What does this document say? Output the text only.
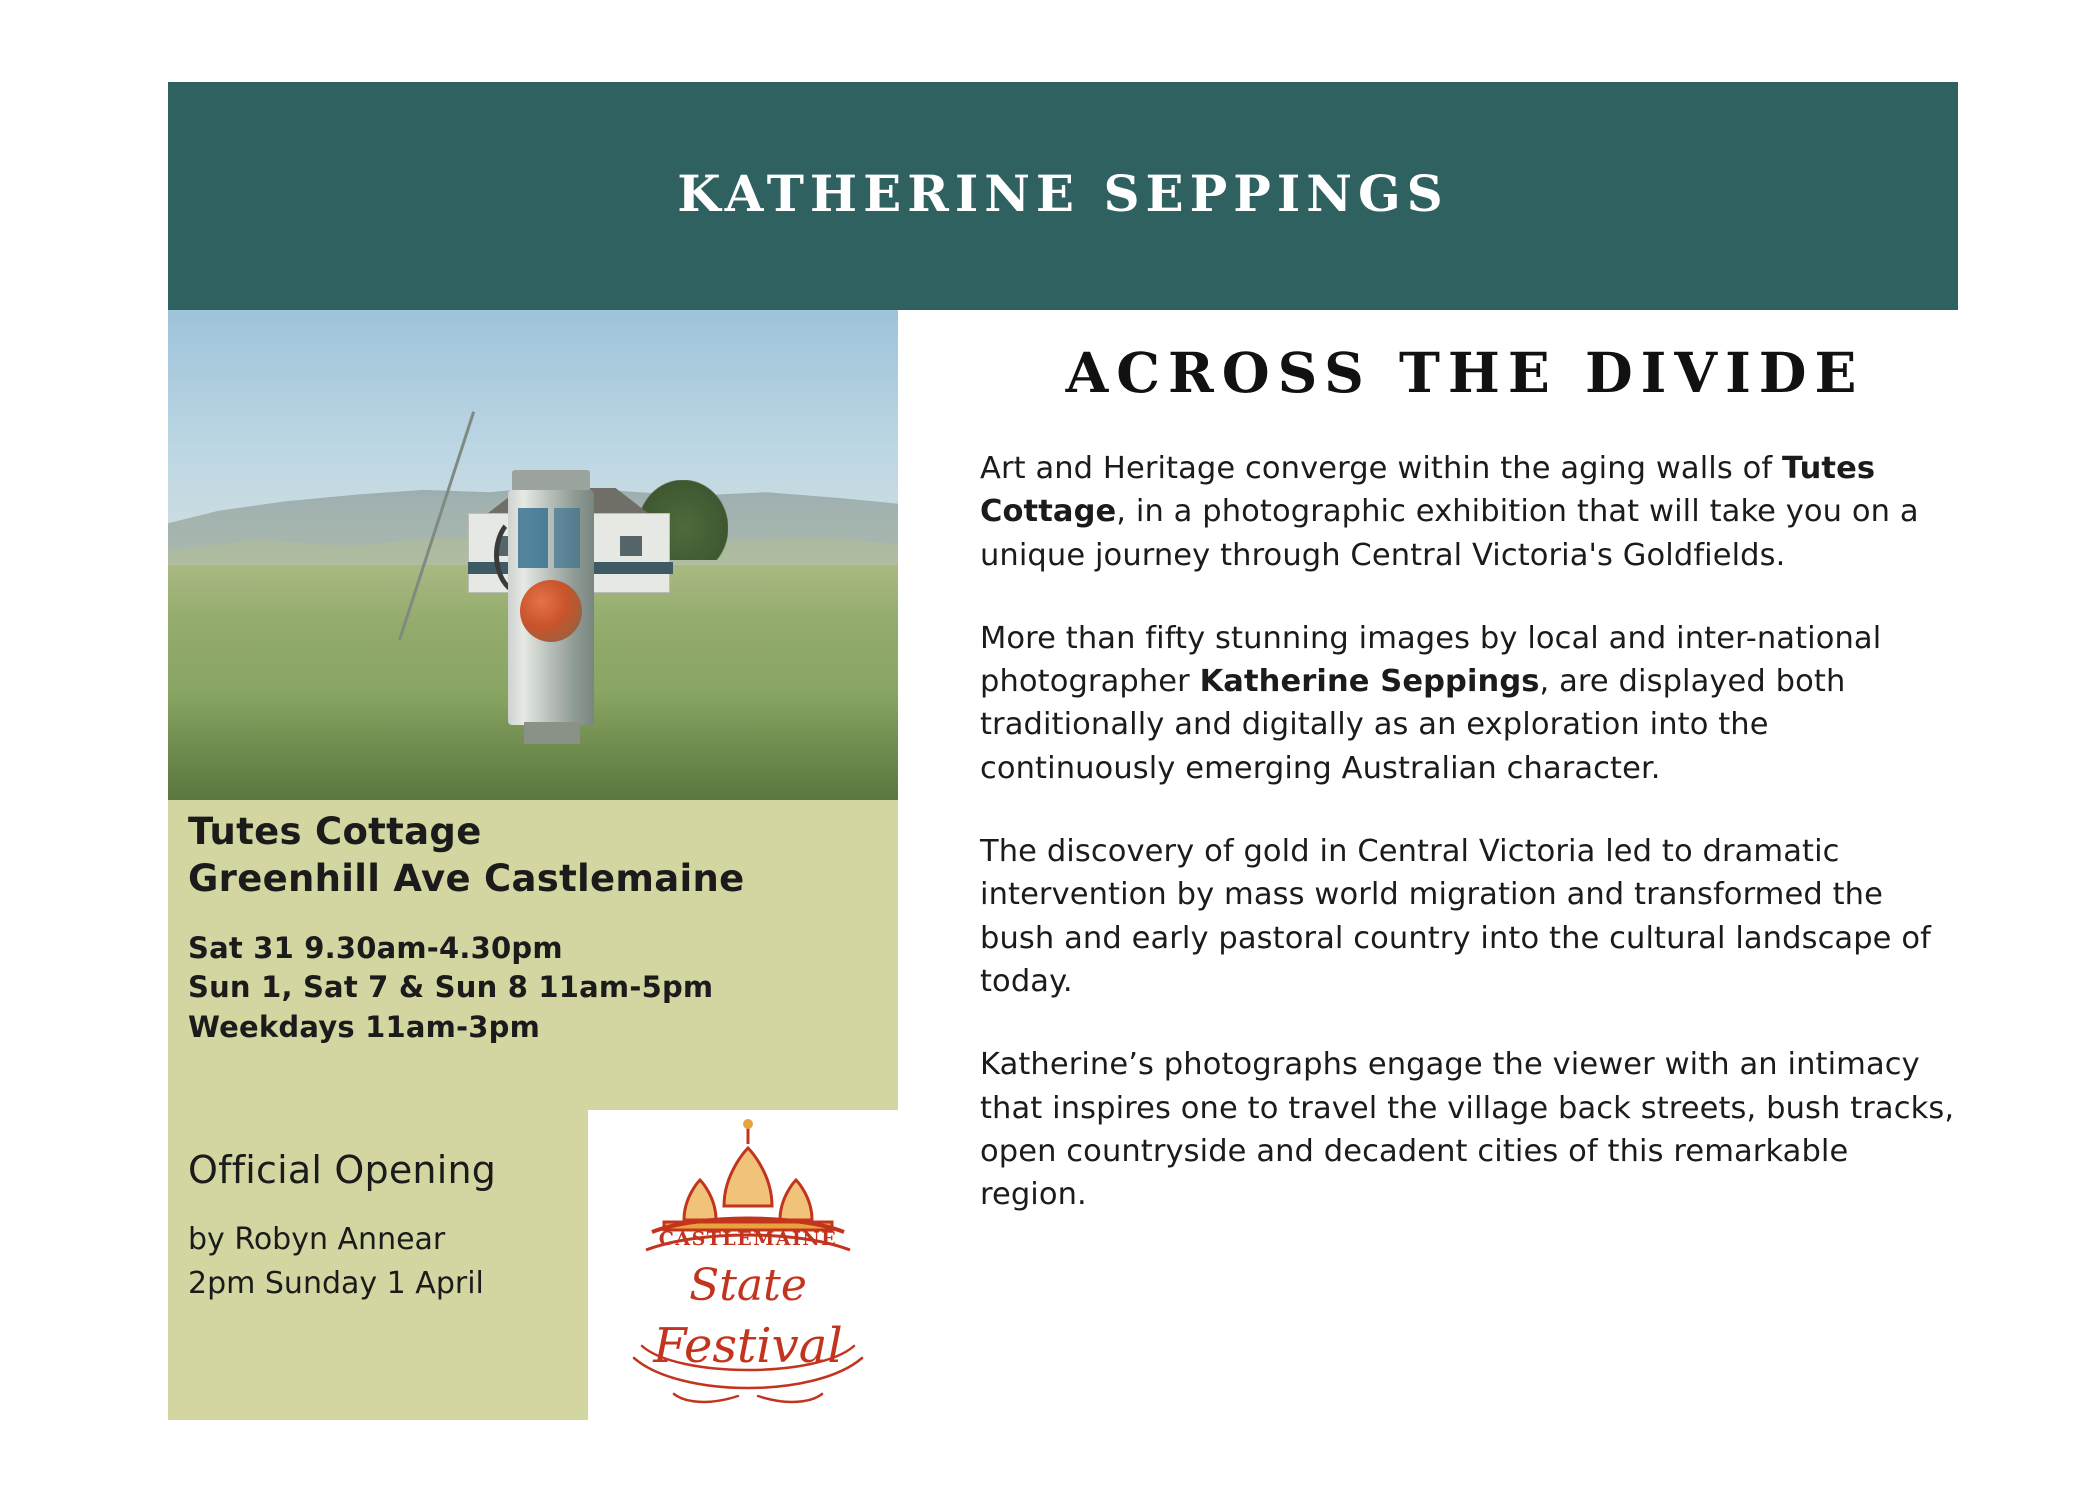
KATHERINE SEPPINGS
Tutes Cottage
Greenhill Ave Castlemaine
Sat 31 9.30am-4.30pm
Sun 1, Sat 7 & Sun 8 11am-5pm
Weekdays 11am-3pm
Official Opening
by Robyn Annear
2pm Sunday 1 April
CASTLEMAINE
State
Festival
ACROSS THE DIVIDE

Art and Heritage converge within the aging walls of Tutes Cottage, in a photographic exhibition that will take you on a unique journey through Central Victoria's Goldfields.

More than fifty stunning images by local and inter-national photographer Katherine Seppings, are displayed both traditionally and digitally as an exploration into the continuously emerging Australian character.

The discovery of gold in Central Victoria led to dramatic intervention by mass world migration and transformed the bush and early pastoral country into the cultural landscape of today.

Katherine’s photographs engage the viewer with an intimacy that inspires one to travel the village back streets, bush tracks, open countryside and decadent cities of this remarkable region.
